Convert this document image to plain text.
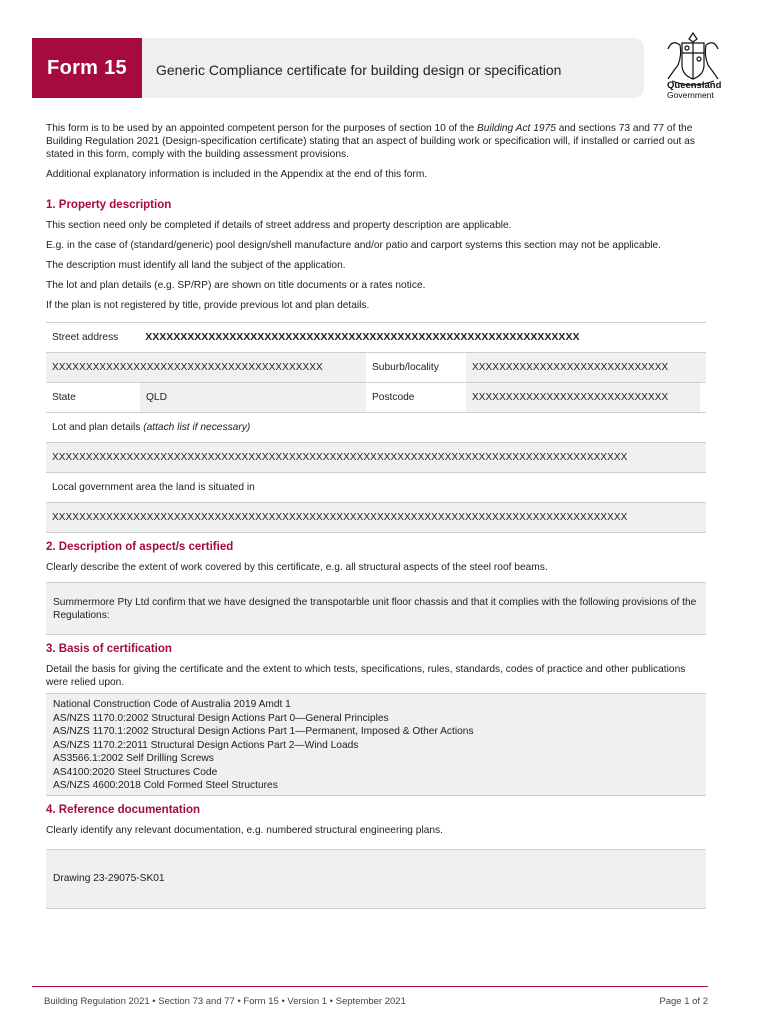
Form 15	Generic Compliance certificate for building design or specification
Queensland
Government

This form is to be used by an appointed competent person for the purposes of section 10 of the Building Act 1975 and sections 73 and 77 of the Building Regulation 2021 (Design-specification certificate) stating that an aspect of building work or specification will, if installed or carried out as stated in this form, comply with the building assessment provisions.

Additional explanatory information is included in the Appendix at the end of this form.

1. Property description

This section need only be completed if details of street address and property description are applicable.

E.g. in the case of (standard/generic) pool design/shell manufacture and/or patio and carport systems this section may not be applicable.

The description must identify all land the subject of the application.

The lot and plan details (e.g. SP/RP) are shown on title documents or a rates notice.

If the plan is not registered by title, provide previous lot and plan details.

Street address	XXXXXXXXXXXXXXXXXXXXXXXXXXXXXXXXXXXXXXXXXXXXXXXXXXXXXXXXXXXXXX
XXXXXXXXXXXXXXXXXXXXXXXXXXXXXXXXXXXXXXXX	Suburb/locality	XXXXXXXXXXXXXXXXXXXXXXXXXXXXX
State	QLD	Postcode	XXXXXXXXXXXXXXXXXXXXXXXXXXXXX
Lot and plan details (attach list if necessary)
XXXXXXXXXXXXXXXXXXXXXXXXXXXXXXXXXXXXXXXXXXXXXXXXXXXXXXXXXXXXXXXXXXXXXXXXXXXXXXXXXXXXX
Local government area the land is situated in
XXXXXXXXXXXXXXXXXXXXXXXXXXXXXXXXXXXXXXXXXXXXXXXXXXXXXXXXXXXXXXXXXXXXXXXXXXXXXXXXXXXXX
2. Description of aspect/s certified

Clearly describe the extent of work covered by this certificate, e.g. all structural aspects of the steel roof beams.

Summermore Pty Ltd confirm that we have designed the transpotarble unit floor chassis and that it complies with the following provisions of the Regulations:
3. Basis of certification

Detail the basis for giving the certificate and the extent to which tests, specifications, rules, standards, codes of practice and other publications were relied upon.

National Construction Code of Australia 2019 Amdt 1
AS/NZS 1170.0:2002 Structural Design Actions Part 0—General Principles
AS/NZS 1170.1:2002 Structural Design Actions Part 1—Permanent, Imposed & Other Actions
AS/NZS 1170.2:2011 Structural Design Actions Part 2—Wind Loads
AS3566.1:2002 Self Drilling Screws
AS4100:2020 Steel Structures Code
AS/NZS 4600:2018 Cold Formed Steel Structures
4. Reference documentation

Clearly identify any relevant documentation, e.g. numbered structural engineering plans.

Drawing 23-29075-SK01
Building Regulation 2021 • Section 73 and 77 • Form 15 • Version 1 • September 2021	Page 1 of 2
